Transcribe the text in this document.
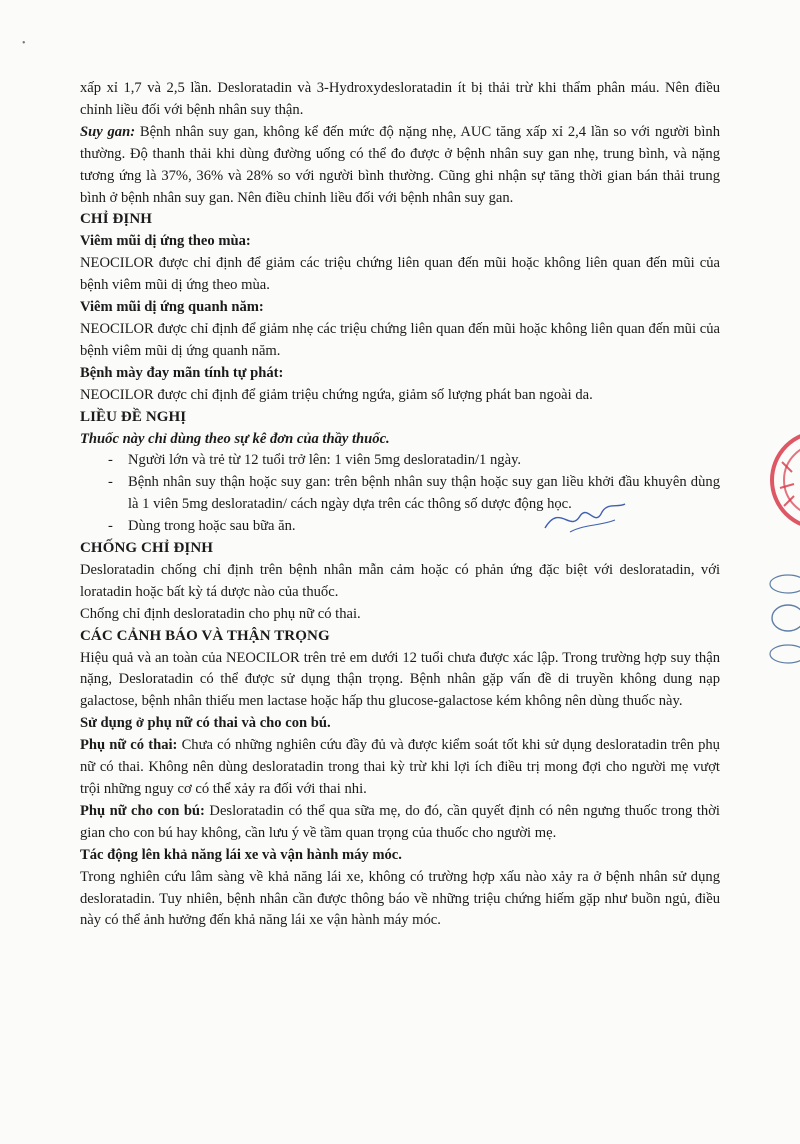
•

xấp xỉ 1,7 và 2,5 lần. Desloratadin và 3-Hydroxydesloratadin ít bị thải trừ khi thẩm phân máu. Nên điều chỉnh liều đối với bệnh nhân suy thận.

Suy gan: Bệnh nhân suy gan, không kể đến mức độ nặng nhẹ, AUC tăng xấp xỉ 2,4 lần so với người bình thường. Độ thanh thải khi dùng đường uống có thể đo được ở bệnh nhân suy gan nhẹ, trung bình, và nặng tương ứng là 37%, 36% và 28% so với người bình thường. Cũng ghi nhận sự tăng thời gian bán thải trung bình ở bệnh nhân suy gan. Nên điều chỉnh liều đối với bệnh nhân suy gan.

CHỈ ĐỊNH

Viêm mũi dị ứng theo mùa:

NEOCILOR được chỉ định để giảm các triệu chứng liên quan đến mũi hoặc không liên quan đến mũi của bệnh viêm mũi dị ứng theo mùa.

Viêm mũi dị ứng quanh năm:

NEOCILOR được chỉ định để giảm nhẹ các triệu chứng liên quan đến mũi hoặc không liên quan đến mũi của bệnh viêm mũi dị ứng quanh năm.

Bệnh mày đay mãn tính tự phát:

NEOCILOR được chỉ định để giảm triệu chứng ngứa, giảm số lượng phát ban ngoài da.

LIỀU ĐỀ NGHỊ

Thuốc này chỉ dùng theo sự kê đơn của thầy thuốc.

- Người lớn và trẻ từ 12 tuổi trở lên: 1 viên 5mg desloratadin/1 ngày.
- Bệnh nhân suy thận hoặc suy gan: trên bệnh nhân suy thận hoặc suy gan liều khởi đầu khuyên dùng là 1 viên 5mg desloratadin/ cách ngày dựa trên các thông số dược động học.
- Dùng trong hoặc sau bữa ăn.

CHỐNG CHỈ ĐỊNH

Desloratadin chống chỉ định trên bệnh nhân mẫn cảm hoặc có phản ứng đặc biệt với desloratadin, với loratadin hoặc bất kỳ tá dược nào của thuốc.

Chống chỉ định desloratadin cho phụ nữ có thai.

CÁC CẢNH BÁO VÀ THẬN TRỌNG

Hiệu quả và an toàn của NEOCILOR trên trẻ em dưới 12 tuổi chưa được xác lập. Trong trường hợp suy thận nặng, Desloratadin có thể được sử dụng thận trọng. Bệnh nhân gặp vấn đề di truyền không dung nạp galactose, bệnh nhân thiếu men lactase hoặc hấp thu glucose-galactose kém không nên dùng thuốc này.

Sử dụng ở phụ nữ có thai và cho con bú.

Phụ nữ có thai: Chưa có những nghiên cứu đầy đủ và được kiểm soát tốt khi sử dụng desloratadin trên phụ nữ có thai. Không nên dùng desloratadin trong thai kỳ trừ khi lợi ích điều trị mong đợi cho người mẹ vượt trội những nguy cơ có thể xảy ra đối với thai nhi.

Phụ nữ cho con bú: Desloratadin có thể qua sữa mẹ, do đó, cần quyết định có nên ngưng thuốc trong thời gian cho con bú hay không, cần lưu ý về tầm quan trọng của thuốc cho người mẹ.

Tác động lên khả năng lái xe và vận hành máy móc.

Trong nghiên cứu lâm sàng về khả năng lái xe, không có trường hợp xấu nào xảy ra ở bệnh nhân sử dụng desloratadin. Tuy nhiên, bệnh nhân cần được thông báo về những triệu chứng hiếm gặp như buồn ngủ, điều này có thể ảnh hưởng đến khả năng lái xe vận hành máy móc.
